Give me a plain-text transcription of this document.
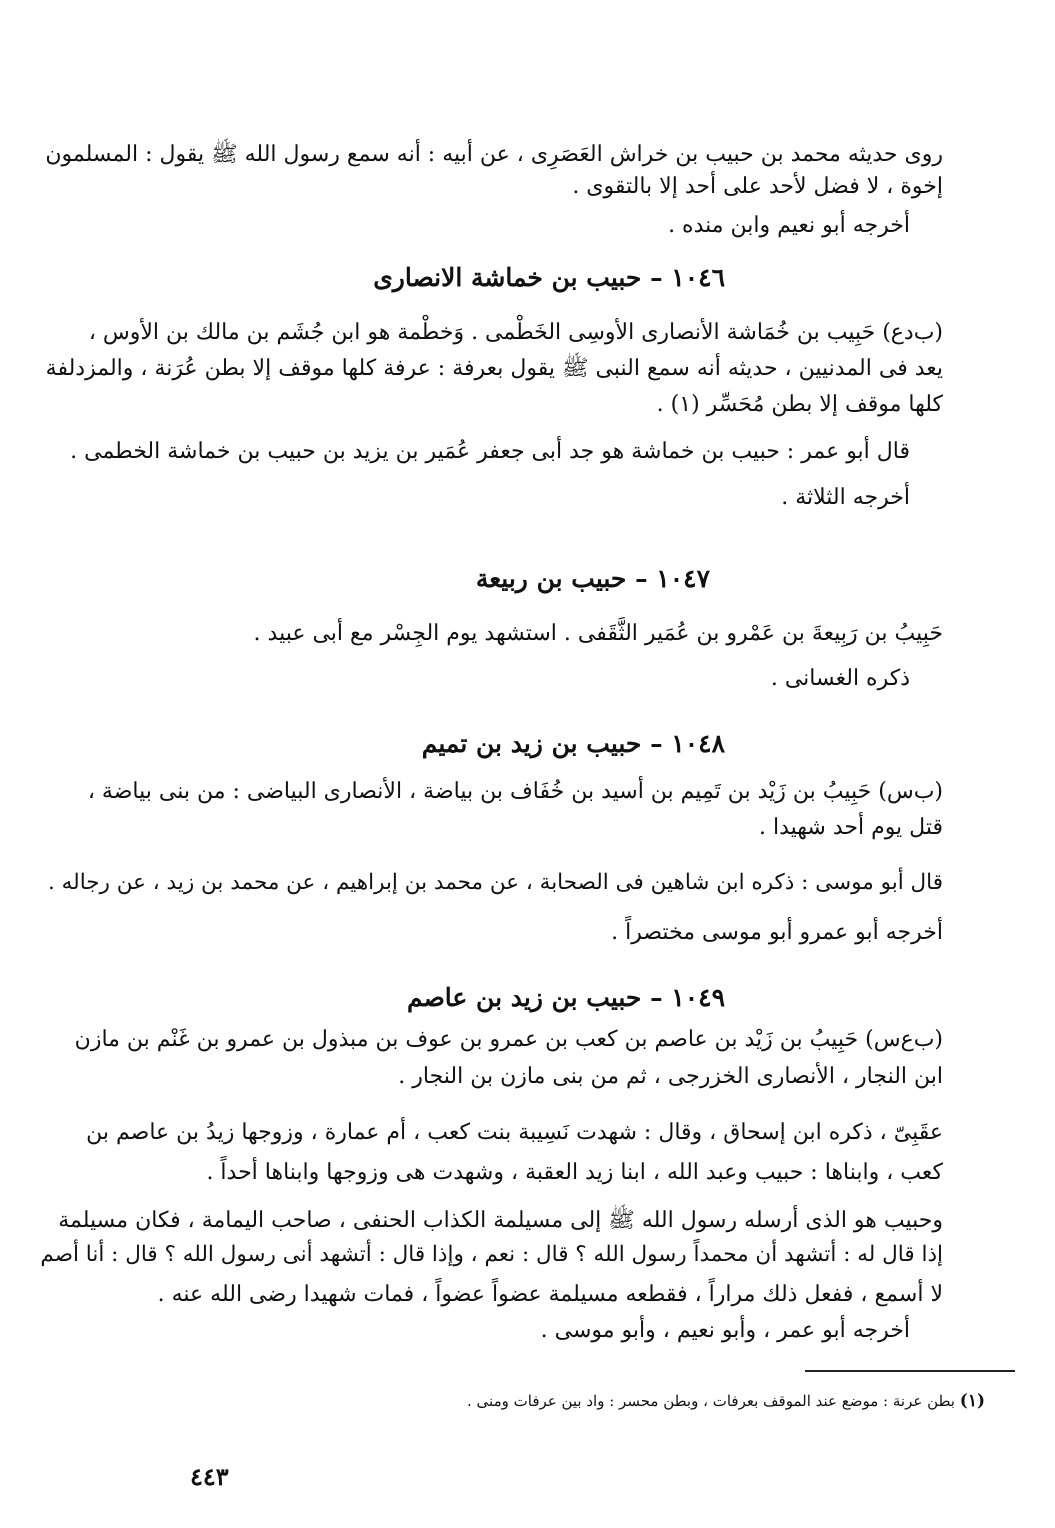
روى حديثه محمد بن حبيب بن خراش العَصَرِى ، عن أبيه : أنه سمع رسول الله ﷺ يقول : المسلمون
إخوة ، لا فضل لأحد على أحد إلا بالتقوى .
أخرجه أبو نعيم وابن منده .
١٠٤٦ – حبيب بن خماشة الانصارى
(ب‌د‌ع) حَبِيب بن خُمَاشة الأنصارى الأوسِى الخَطْمى . وَخطْمة هو ابن جُشَم بن مالك بن الأوس ،
يعد فى المدنيين ، حديثه أنه سمع النبى ﷺ يقول بعرفة : عرفة كلها موقف إلا بطن عُرَنة ، والمزدلفة
كلها موقف إلا بطن مُحَسِّر (١) .
قال أبو عمر : حبيب بن خماشة هو جد أبى جعفر عُمَير بن يزيد بن حبيب بن خماشة الخطمى .
أخرجه الثلاثة .
١٠٤٧ – حبيب بن ربيعة
حَبِيبُ بن رَبِيعةَ بن عَمْرو بن عُمَير الثَّقَفى . استشهد يوم الجِسْر مع أبى عبيد .
ذكره الغسانى .
١٠٤٨ – حبيب بن زيد بن تميم
(ب‌س) حَبِيبُ بن زَيْد بن تَمِيم بن أسيد بن خُفَاف بن بياضة ، الأنصارى البياضى : من بنى بياضة ،
قتل يوم أحد شهيدا .
قال أبو موسى : ذكره ابن شاهين فى الصحابة ، عن محمد بن إبراهيم ، عن محمد بن زيد ، عن رجاله .
أخرجه أبو عمرو أبو موسى مختصراً .
١٠٤٩ – حبيب بن زيد بن عاصم
(ب‌ع‌س) حَبِيبُ بن زَيْد بن عاصم بن كعب بن عمرو بن عوف بن مبذول بن عمرو بن غَنْم بن مازن
ابن النجار ، الأنصارى الخزرجى ، ثم من بنى مازن بن النجار .
عقَبِىّ ، ذكره ابن إسحاق ، وقال : شهدت نَسِيبة بنت كعب ، أم عمارة ، وزوجها زيدُ بن عاصم بن
كعب ، وابناها : حبيب وعبد الله ، ابنا زيد العقبة ، وشهدت هى وزوجها وابناها أحداً .
وحبيب هو الذى أرسله رسول الله ﷺ إلى مسيلمة الكذاب الحنفى ، صاحب اليمامة ، فكان مسيلمة
إذا قال له : أتشهد أن محمداً رسول الله ؟ قال : نعم ، وإذا قال : أتشهد أنى رسول الله ؟ قال : أنا أصم
لا أسمع ، ففعل ذلك مراراً ، فقطعه مسيلمة عضواً عضواً ، فمات شهيدا رضى الله عنه .
أخرجه أبو عمر ، وأبو نعيم ، وأبو موسى .
(١) بطن عرنة : موضع عند الموقف بعرفات ، وبطن محسر : واد بين عرفات ومنى .
٤٤٣
